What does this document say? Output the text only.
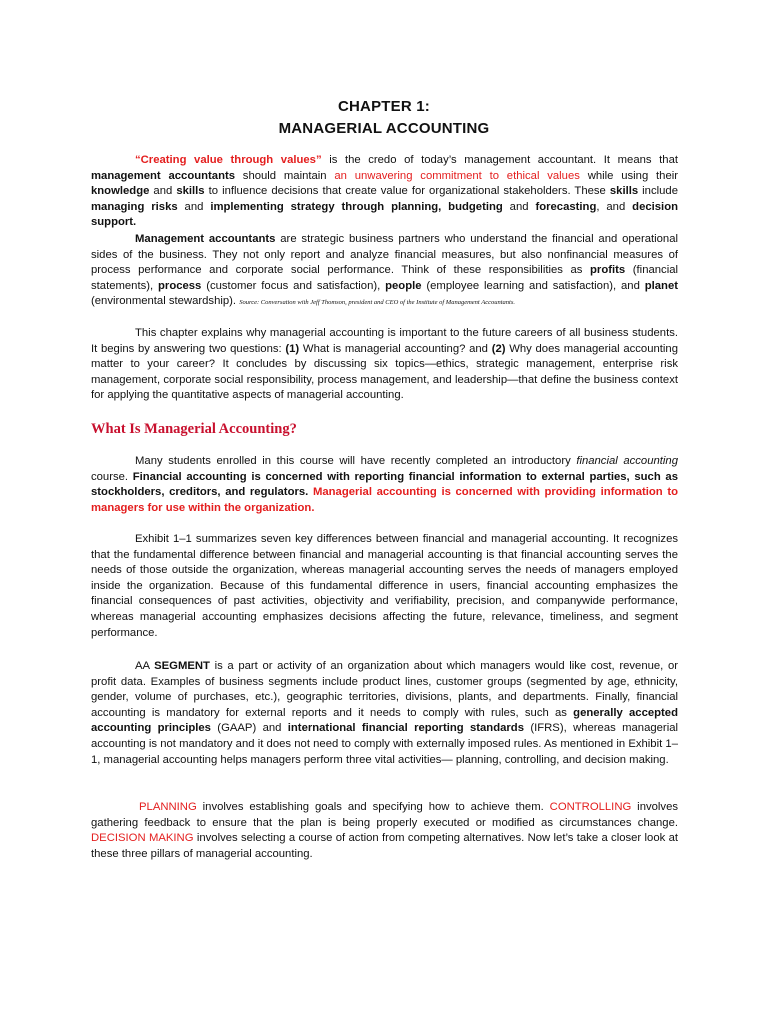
CHAPTER 1:
MANAGERIAL ACCOUNTING

“Creating value through values” is the credo of today’s management accountant. It means that management accountants should maintain an unwavering commitment to ethical values while using their knowledge and skills to influence decisions that create value for organizational stakeholders. These skills include managing risks and implementing strategy through planning, budgeting and forecasting, and decision support.

Management accountants are strategic business partners who understand the financial and operational sides of the business. They not only report and analyze financial measures, but also nonfinancial measures of process performance and corporate social performance. Think of these responsibilities as profits (financial statements), process (customer focus and satisfaction), people (employee learning and satisfaction), and planet (environmental stewardship). Source: Conversation with Jeff Thomson, president and CEO of the Institute of Management Accountants.

This chapter explains why managerial accounting is important to the future careers of all business students. It begins by answering two questions: (1) What is managerial accounting? and (2) Why does managerial accounting matter to your career? It concludes by discussing six topics—ethics, strategic management, enterprise risk management, corporate social responsibility, process management, and leadership—that define the business context for applying the quantitative aspects of managerial accounting.

What Is Managerial Accounting?

Many students enrolled in this course will have recently completed an introductory financial accounting course. Financial accounting is concerned with reporting financial information to external parties, such as stockholders, creditors, and regulators. Managerial accounting is concerned with providing information to managers for use within the organization.

Exhibit 1–1 summarizes seven key differences between financial and managerial accounting. It recognizes that the fundamental difference between financial and managerial accounting is that financial accounting serves the needs of those outside the organization, whereas managerial accounting serves the needs of managers employed inside the organization. Because of this fundamental difference in users, financial accounting emphasizes the financial consequences of past activities, objectivity and verifiability, precision, and companywide performance, whereas managerial accounting emphasizes decisions affecting the future, relevance, timeliness, and segment performance.

AA SEGMENT is a part or activity of an organization about which managers would like cost, revenue, or profit data. Examples of business segments include product lines, customer groups (segmented by age, ethnicity, gender, volume of purchases, etc.), geographic territories, divisions, plants, and departments. Finally, financial accounting is mandatory for external reports and it needs to comply with rules, such as generally accepted accounting principles (GAAP) and international financial reporting standards (IFRS), whereas managerial accounting is not mandatory and it does not need to comply with externally imposed rules. As mentioned in Exhibit 1–1, managerial accounting helps managers perform three vital activities— planning, controlling, and decision making.

PLANNING involves establishing goals and specifying how to achieve them. CONTROLLING involves gathering feedback to ensure that the plan is being properly executed or modified as circumstances change. DECISION MAKING involves selecting a course of action from competing alternatives. Now let’s take a closer look at these three pillars of managerial accounting.
